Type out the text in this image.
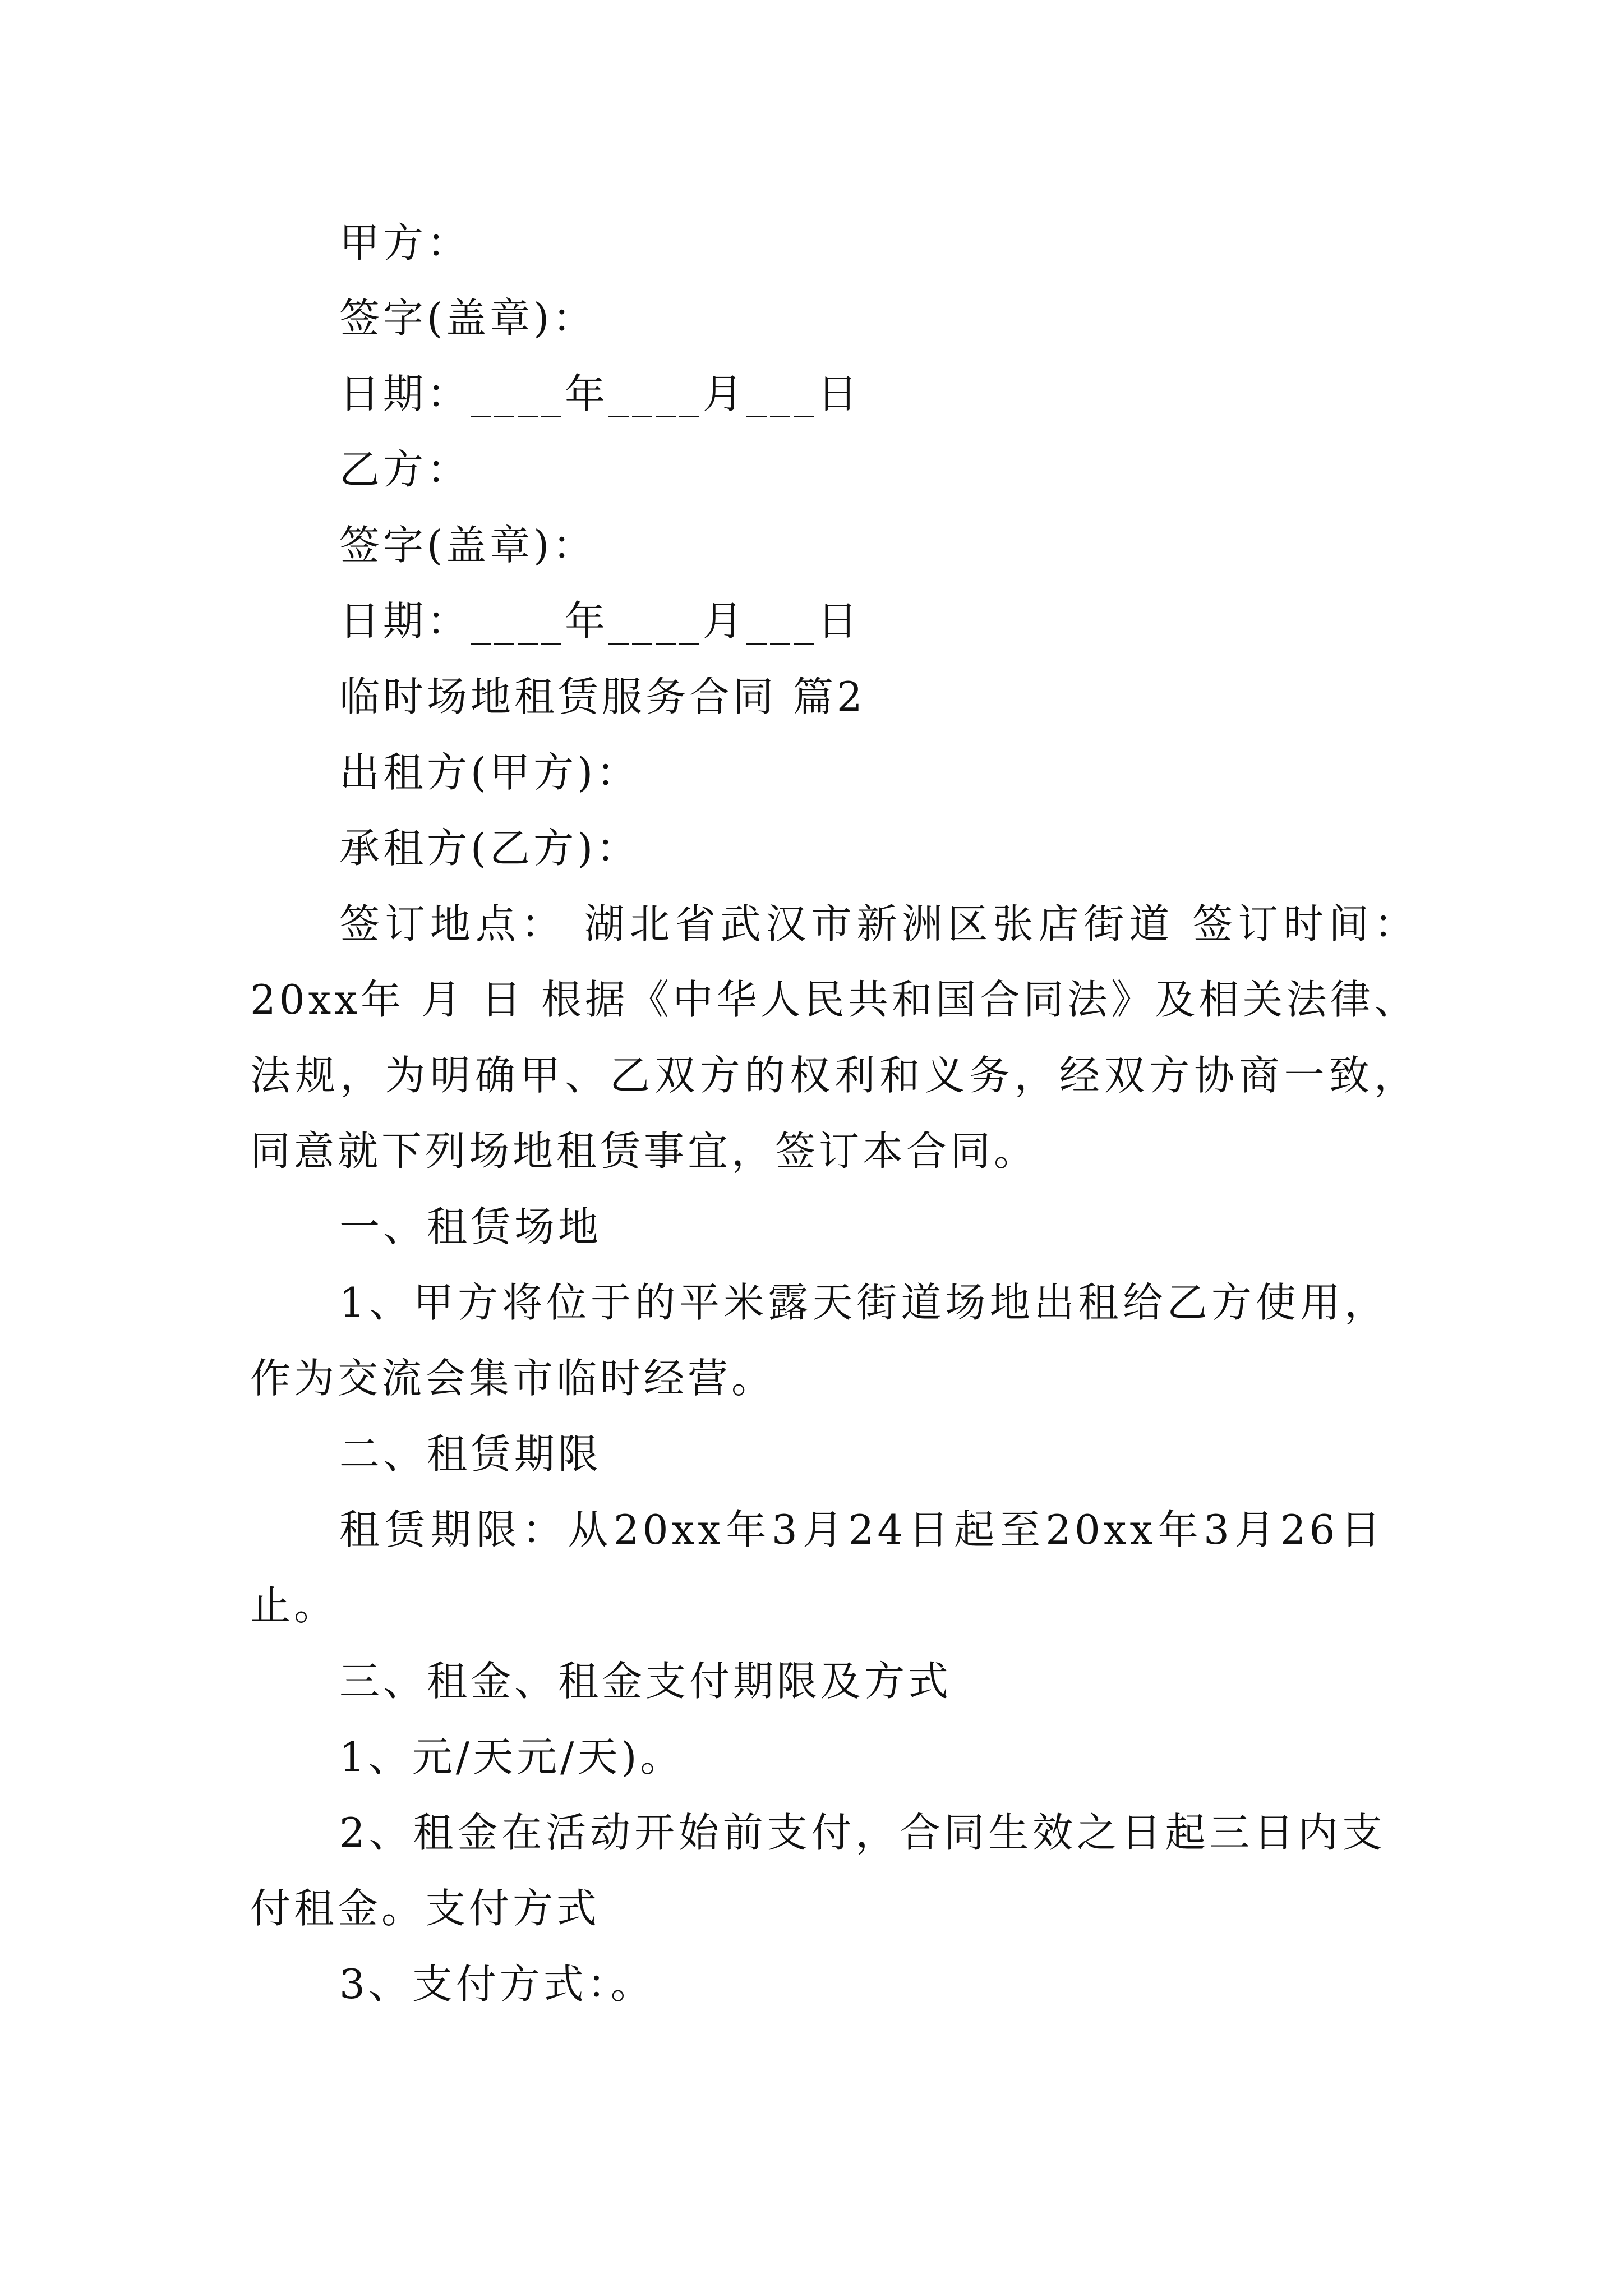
甲方：
签字(盖章)：
日期：____年____月___日
乙方：
签字(盖章)：
日期：____年____月___日
临时场地租赁服务合同 篇2
出租方(甲方)：
承租方(乙方)：
签订地点： 湖北省武汉市新洲区张店街道 签订时间：
20xx年 月 日 根据《中华人民共和国合同法》及相关法律、
法规，为明确甲、乙双方的权利和义务，经双方协商一致，
同意就下列场地租赁事宜，签订本合同。
一、租赁场地
1、甲方将位于的平米露天街道场地出租给乙方使用，
作为交流会集市临时经营。
二、租赁期限
租赁期限：从20xx年3月24日起至20xx年3月26日
止。
三、租金、租金支付期限及方式
1、元/天元/天)。
2、租金在活动开始前支付，合同生效之日起三日内支
付租金。支付方式
3、支付方式：。
